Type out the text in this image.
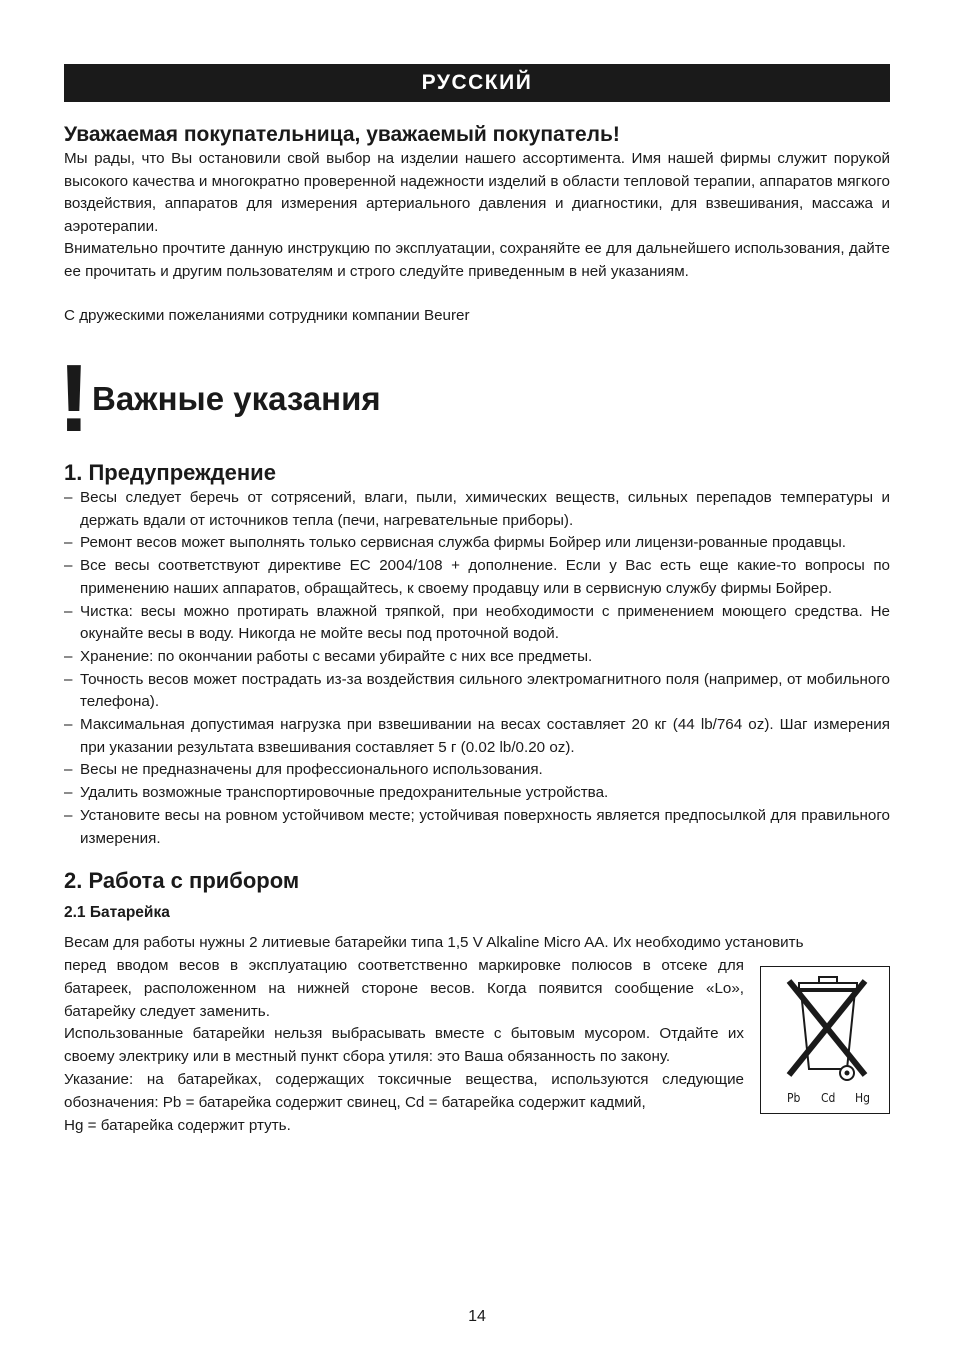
РУССКИЙ
Уважаемая покупательница, уважаемый покупатель!

Мы рады, что Вы остановили свой выбор на изделии нашего ассортимента. Имя нашей фирмы служит порукой высокого качества и многократно проверенной надежности изделий в области тепловой терапии, аппаратов мягкого воздействия, аппаратов для измерения артериального давления и диагностики, для взвешивания, массажа и аэротерапии.

Внимательно прочтите данную инструкцию по эксплуатации, сохраняйте ее для дальнейшего использования, дайте ее прочитать и другим пользователям и строго следуйте приведенным в ней указаниям.

С дружескими пожеланиями сотрудники компании Beurer
! Важные указания
1. Предупреждение
– Весы следует беречь от сотрясений, влаги, пыли, химических веществ, сильных перепадов температуры и держать вдали от источников тепла (печи, нагревательные приборы).
– Ремонт весов может выполнять только сервисная служба фирмы Бойрер или лицензи-рованные продавцы.
– Все весы соответствуют директиве ЕС 2004/108 + дополнение. Если у Вас есть еще какие-то вопросы по применению наших аппаратов, обращайтесь, к своему продавцу или в сервисную службу фирмы Бойрер.
– Чистка: весы можно протирать влажной тряпкой, при необходимости с применением моющего средства. Не окунайте весы в воду. Никогда не мойте весы под проточной водой.
– Хранение: по окончании работы с весами убирайте с них все предметы.
– Точность весов может пострадать из-за воздействия сильного электромагнитного поля (например, от мобильного телефона).
– Максимальная допустимая нагрузка при взвешивании на весах составляет 20 кг (44 lb/764 oz). Шаг измерения при указании результата взвешивания составляет 5 г (0.02 lb/0.20 oz).
– Весы не предназначены для профессионального использования.
– Удалить возможные транспортировочные предохранительные устройства.
– Установите весы на ровном устойчивом месте; устойчивая поверхность является предпосылкой для правильного измерения.
2. Работа с прибором
2.1 Батарейка
Pb Cd Hg

Весам для работы нужны 2 литиевые батарейки типа 1,5 V Alkaline Micro AA. Их необходимо установить

перед вводом весов в эксплуатацию соответственно маркировке полюсов в отсеке для батареек, расположенном на нижней стороне весов. Когда появится сообщение «Lo», батарейку следует заменить.

Использованные батарейки нельзя выбрасывать вместе с бытовым мусором. Отдайте их своему электрику или в местный пункт сбора утиля: это Ваша обязанность по закону.

Указание: на батарейках, содержащих токсичные вещества, используются следующие обозначения: Pb = батарейка содержит свинец, Cd = батарейка содержит кадмий,

Hg = батарейка содержит ртуть.

14
